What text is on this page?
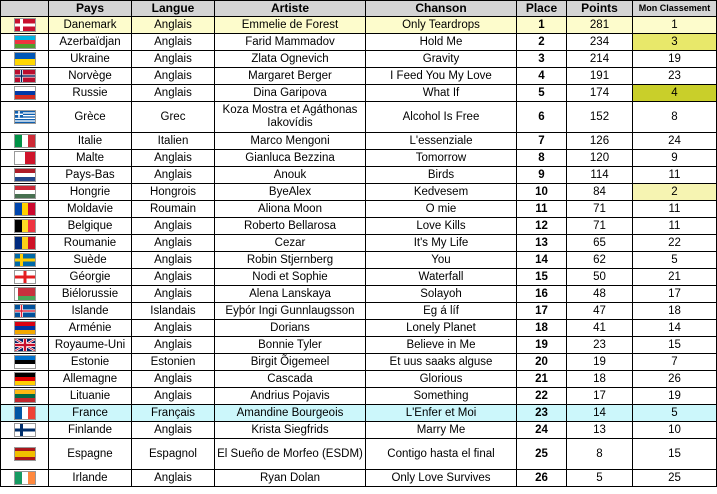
	Pays	Langue	Artiste	Chanson	Place	Points	Mon Classement

	Danemark	Anglais	Emmelie de Forest	Only Teardrops	1	281	1

	Azerbaïdjan	Anglais	Farid Mammadov	Hold Me	2	234	3

	Ukraine	Anglais	Zlata Ognevich	Gravity	3	214	19

	Norvège	Anglais	Margaret Berger	I Feed You My Love	4	191	23

	Russie	Anglais	Dina Garipova	What If	5	174	4

	Grèce	Grec	Koza Mostra et Agáthonas Iakovídis	Alcohol Is Free	6	152	8

	Italie	Italien	Marco Mengoni	L'essenziale	7	126	24

	Malte	Anglais	Gianluca Bezzina	Tomorrow	8	120	9

	Pays-Bas	Anglais	Anouk	Birds	9	114	11

	Hongrie	Hongrois	ByeAlex	Kedvesem	10	84	2

	Moldavie	Roumain	Aliona Moon	O mie	11	71	11

	Belgique	Anglais	Roberto Bellarosa	Love Kills	12	71	11

	Roumanie	Anglais	Cezar	It's My Life	13	65	22

	Suède	Anglais	Robin Stjernberg	You	14	62	5

	Géorgie	Anglais	Nodi et Sophie	Waterfall	15	50	21

	Biélorussie	Anglais	Alena Lanskaya	Solayoh	16	48	17

	Islande	Islandais	Eyþór Ingi Gunnlaugsson	Eg á líf	17	47	18

	Arménie	Anglais	Dorians	Lonely Planet	18	41	14

	Royaume-Uni	Anglais	Bonnie Tyler	Believe in Me	19	23	15

	Estonie	Estonien	Birgit Õigemeel	Et uus saaks alguse	20	19	7

	Allemagne	Anglais	Cascada	Glorious	21	18	26

	Lituanie	Anglais	Andrius Pojavis	Something	22	17	19

	France	Français	Amandine Bourgeois	L'Enfer et Moi	23	14	5

	Finlande	Anglais	Krista Siegfrids	Marry Me	24	13	10

	Espagne	Espagnol	El Sueño de Morfeo (ESDM)	Contigo hasta el final	25	8	15

	Irlande	Anglais	Ryan Dolan	Only Love Survives	26	5	25
